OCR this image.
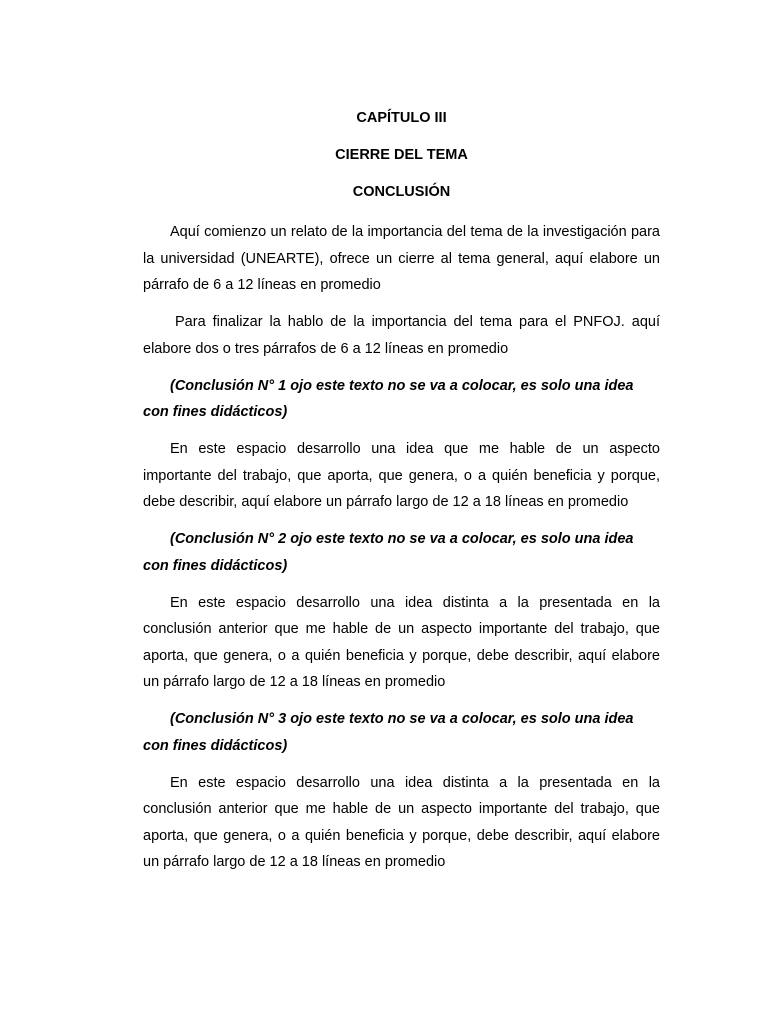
CAPÍTULO III

CIERRE DEL TEMA

CONCLUSIÓN

Aquí comienzo un relato de la importancia del tema de la investigación para la universidad (UNEARTE), ofrece un cierre al tema general, aquí elabore un párrafo de 6 a 12 líneas en promedio

Para finalizar la hablo de la importancia del tema para el PNFOJ. aquí elabore dos o tres párrafos de 6 a 12 líneas en promedio

(Conclusión N° 1 ojo este texto no se va a colocar, es solo una idea con fines didácticos)

En este espacio desarrollo una idea que me hable de un aspecto importante del trabajo, que aporta, que genera, o a quién beneficia y porque, debe describir, aquí elabore un párrafo largo de 12 a 18 líneas en promedio

(Conclusión N° 2 ojo este texto no se va a colocar, es solo una idea con fines didácticos)

En este espacio desarrollo una idea distinta a la presentada en la conclusión anterior que me hable de un aspecto importante del trabajo, que aporta, que genera, o a quién beneficia y porque, debe describir, aquí elabore un párrafo largo de 12 a 18 líneas en promedio

(Conclusión N° 3 ojo este texto no se va a colocar, es solo una idea con fines didácticos)

En este espacio desarrollo una idea distinta a la presentada en la conclusión anterior que me hable de un aspecto importante del trabajo, que aporta, que genera, o a quién beneficia y porque, debe describir, aquí elabore un párrafo largo de 12 a 18 líneas en promedio
